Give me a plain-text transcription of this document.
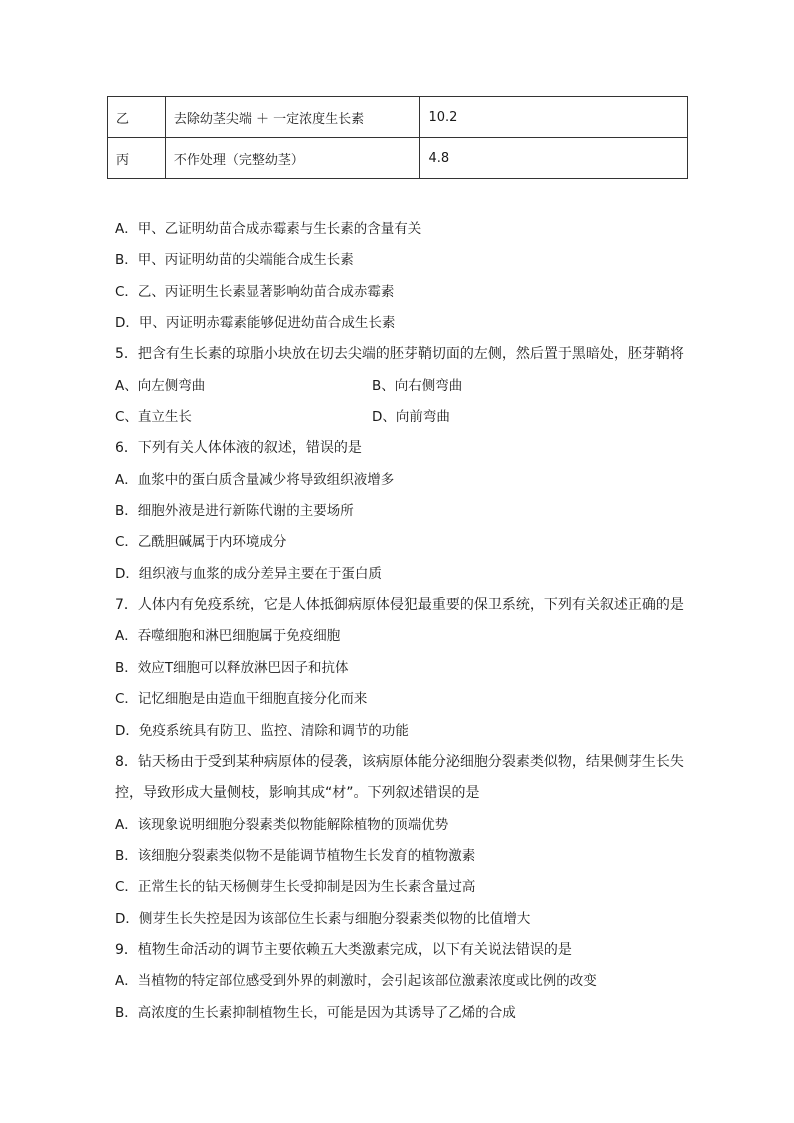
乙	去除幼茎尖端 ＋ 一定浓度生长素	10.2
丙	不作处理（完整幼茎）	4.8
A．甲、乙证明幼苗合成赤霉素与生长素的含量有关
B．甲、丙证明幼苗的尖端能合成生长素
C．乙、丙证明生长素显著影响幼苗合成赤霉素
D．甲、丙证明赤霉素能够促进幼苗合成生长素
5．把含有生长素的琼脂小块放在切去尖端的胚芽鞘切面的左侧，然后置于黑暗处，胚芽鞘将
A、向左侧弯曲	B、向右侧弯曲
C、直立生长	D、向前弯曲
6．下列有关人体体液的叙述，错误的是
A．血浆中的蛋白质含量减少将导致组织液增多
B．细胞外液是进行新陈代谢的主要场所
C．乙酰胆碱属于内环境成分
D．组织液与血浆的成分差异主要在于蛋白质
7．人体内有免疫系统，它是人体抵御病原体侵犯最重要的保卫系统，下列有关叙述正确的是
A．吞噬细胞和淋巴细胞属于免疫细胞
B．效应T细胞可以释放淋巴因子和抗体
C．记忆细胞是由造血干细胞直接分化而来
D．免疫系统具有防卫、监控、清除和调节的功能
8．钻天杨由于受到某种病原体的侵袭，该病原体能分泌细胞分裂素类似物，结果侧芽生长失
控，导致形成大量侧枝，影响其成“材”。下列叙述错误的是
A．该现象说明细胞分裂素类似物能解除植物的顶端优势
B．该细胞分裂素类似物不是能调节植物生长发育的植物激素
C．正常生长的钻天杨侧芽生长受抑制是因为生长素含量过高
D．侧芽生长失控是因为该部位生长素与细胞分裂素类似物的比值增大
9．植物生命活动的调节主要依赖五大类激素完成，以下有关说法错误的是
A．当植物的特定部位感受到外界的刺激时，会引起该部位激素浓度或比例的改变
B．高浓度的生长素抑制植物生长，可能是因为其诱导了乙烯的合成
